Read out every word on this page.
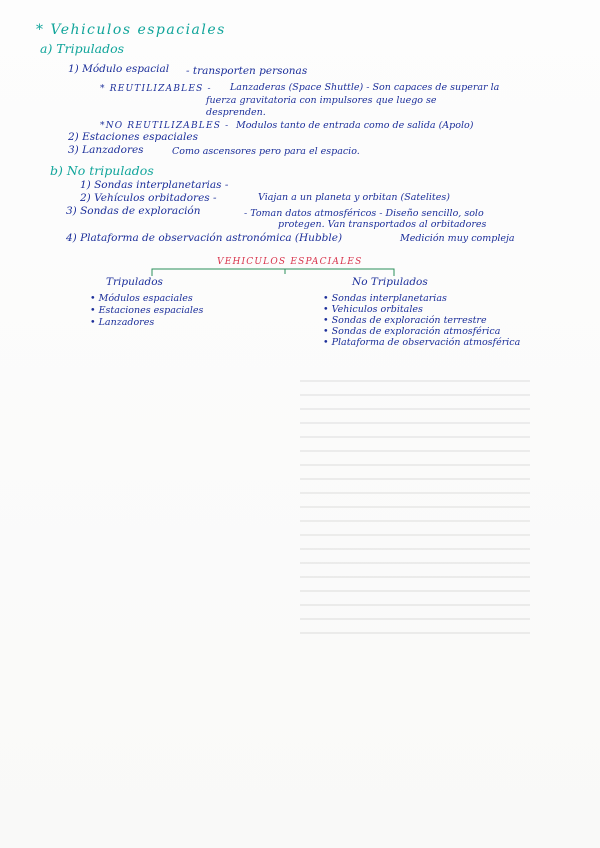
* Vehiculos espaciales
a) Tripulados
1) Módulo espacial - transporten personas
* REUTILIZABLES - Lanzaderas (Space Shuttle) - Son capaces de superar la
fuerza gravitatoria con impulsores que luego se
desprenden.
*NO REUTILIZABLES - Modulos tanto de entrada como de salida (Apolo)
2) Estaciones espaciales
3) Lanzadores	Como ascensores pero para el espacio.
b) No tripulados
1) Sondas interplanetarias -
2) Vehículos orbitadores -	Viajan a un planeta y orbitan (Satelites)
3) Sondas de exploración	- Toman datos atmosféricos - Diseño sencillo, solo
protegen. Van transportados al orbitadores
4) Plataforma de observación astronómica (Hubble)	Medición muy compleja
VEHICULOS ESPACIALES
Tripulados
• Módulos espaciales
• Estaciones espaciales
• Lanzadores
No Tripulados
• Sondas interplanetarias
• Vehiculos orbitales
• Sondas de exploración terrestre
• Sondas de exploración atmosférica
• Plataforma de observación atmosférica
